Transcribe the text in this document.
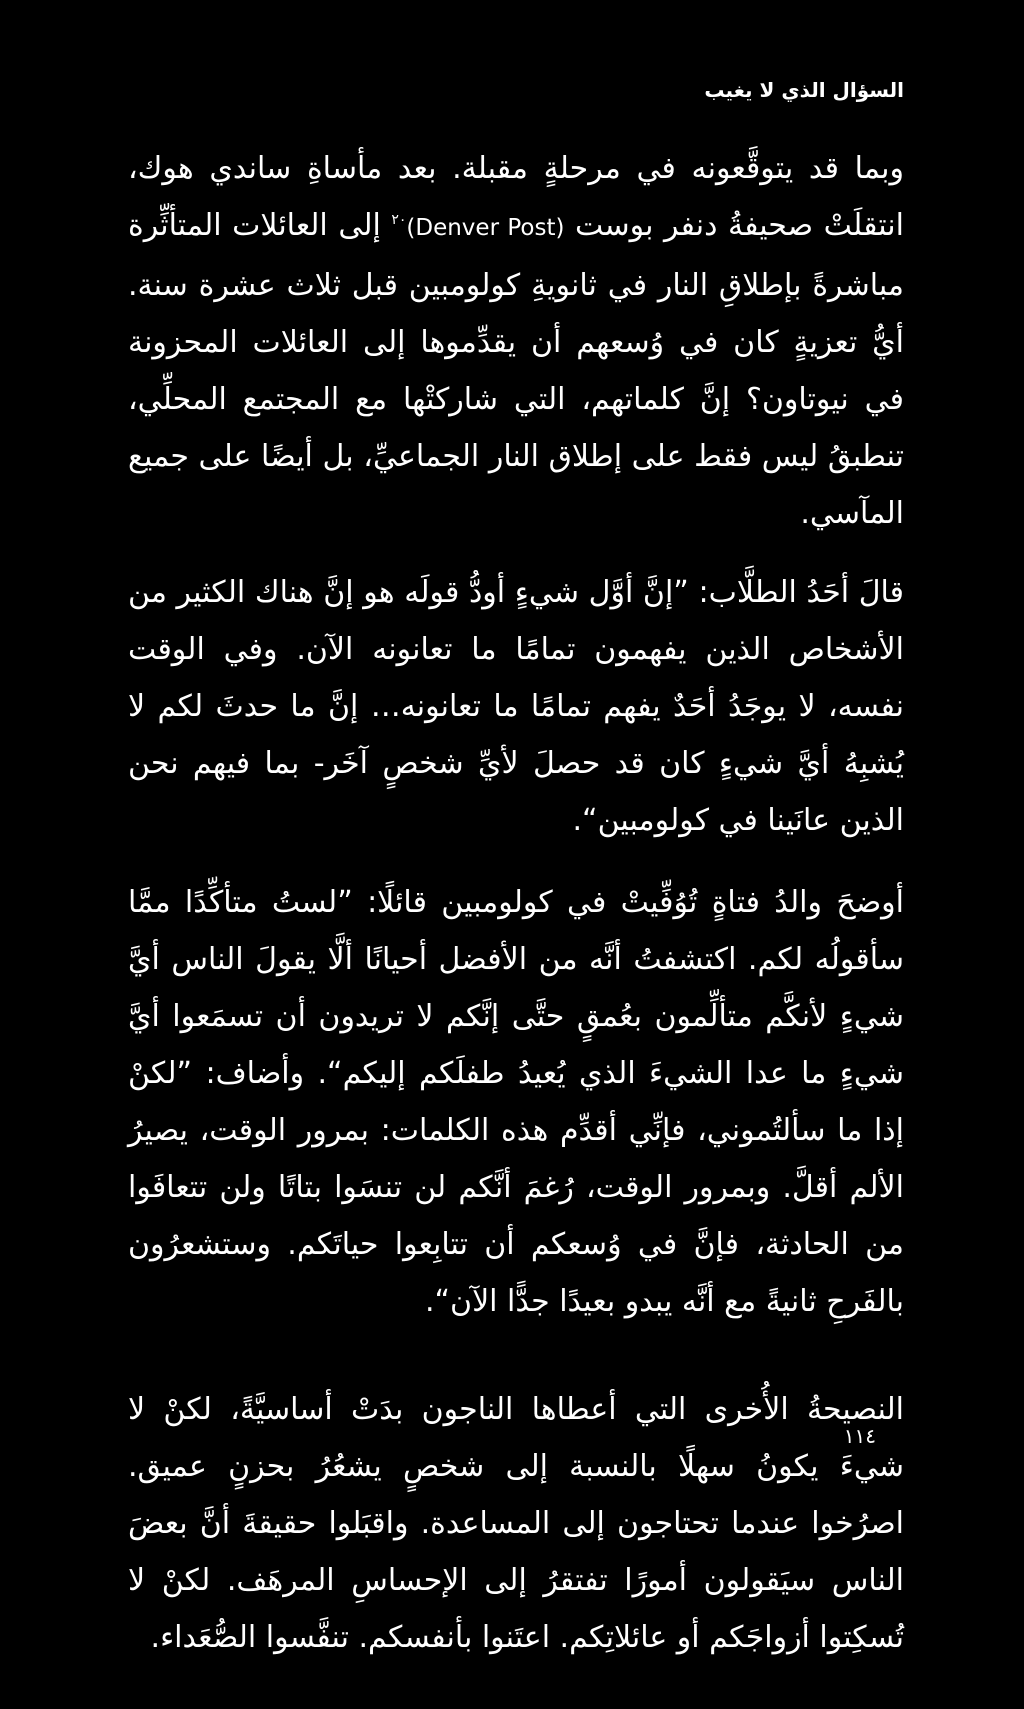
السؤال الذي لا يغيب

وبما قد يتوقَّعونه في مرحلةٍ مقبلة. بعد مأساةِ ساندي هوك، انتقلَتْ صحيفةُ دنفر بوست (Denver Post)$^{٢٠}$ إلى العائلات المتأثِّرة مباشرةً بإطلاقِ النار في ثانويةِ كولومبين قبل ثلاث عشرة سنة. أيُّ تعزيةٍ كان في وُسعهم أن يقدِّموها إلى العائلات المحزونة في نيوتاون؟ إنَّ كلماتهم، التي شاركتْها مع المجتمع المحلِّي، تنطبقُ ليس فقط على إطلاق النار الجماعيِّ، بل أيضًا على جميع المآسي.

قالَ أحَدُ الطلَّاب: ”إنَّ أوَّل شيءٍ أودُّ قولَه هو إنَّ هناك الكثير من الأشخاص الذين يفهمون تمامًا ما تعانونه الآن. وفي الوقت نفسه، لا يوجَدُ أحَدٌ يفهم تمامًا ما تعانونه… إنَّ ما حدثَ لكم لا يُشبِهُ أيَّ شيءٍ كان قد حصلَ لأيِّ شخصٍ آخَر- بما فيهم نحن الذين عانَينا في كولومبين“.

أوضحَ والدُ فتاةٍ تُوُفِّيتْ في كولومبين قائلًا: ”لستُ متأكِّدًا ممَّا سأقولُه لكم. اكتشفتُ أنَّه من الأفضل أحيانًا ألَّا يقولَ الناس أيَّ شيءٍ لأنكَّم متألِّمون بعُمقٍ حتَّى إنَّكم لا تريدون أن تسمَعوا أيَّ شيءٍ ما عدا الشيءَ الذي يُعيدُ طفلَكم إليكم“. وأضاف: ”لكنْ إذا ما سألتُموني، فإنِّي أقدِّم هذه الكلمات: بمرور الوقت، يصيرُ الألم أقلَّ. وبمرور الوقت، رُغمَ أنَّكم لن تنسَوا بتاتًا ولن تتعافَوا من الحادثة، فإنَّ في وُسعكم أن تتابِعوا حياتَكم. وستشعرُون بالفَرحِ ثانيةً مع أنَّه يبدو بعيدًا جدًّا الآن“.

النصيحةُ الأُخرى التي أعطاها الناجون بدَتْ أساسيَّةً، لكنْ لا شيءَ يكونُ سهلًا بالنسبة إلى شخصٍ يشعُرُ بحزنٍ عميق. اصرُخوا عندما تحتاجون إلى المساعدة. واقبَلوا حقيقةَ أنَّ بعضَ الناس سيَقولون أمورًا تفتقرُ إلى الإحساسِ المرهَف. لكنْ لا تُسكِتوا أزواجَكم أو عائلاتِكم. اعتَنوا بأنفسكم. تنفَّسوا الصُّعَداء.

١١٤
